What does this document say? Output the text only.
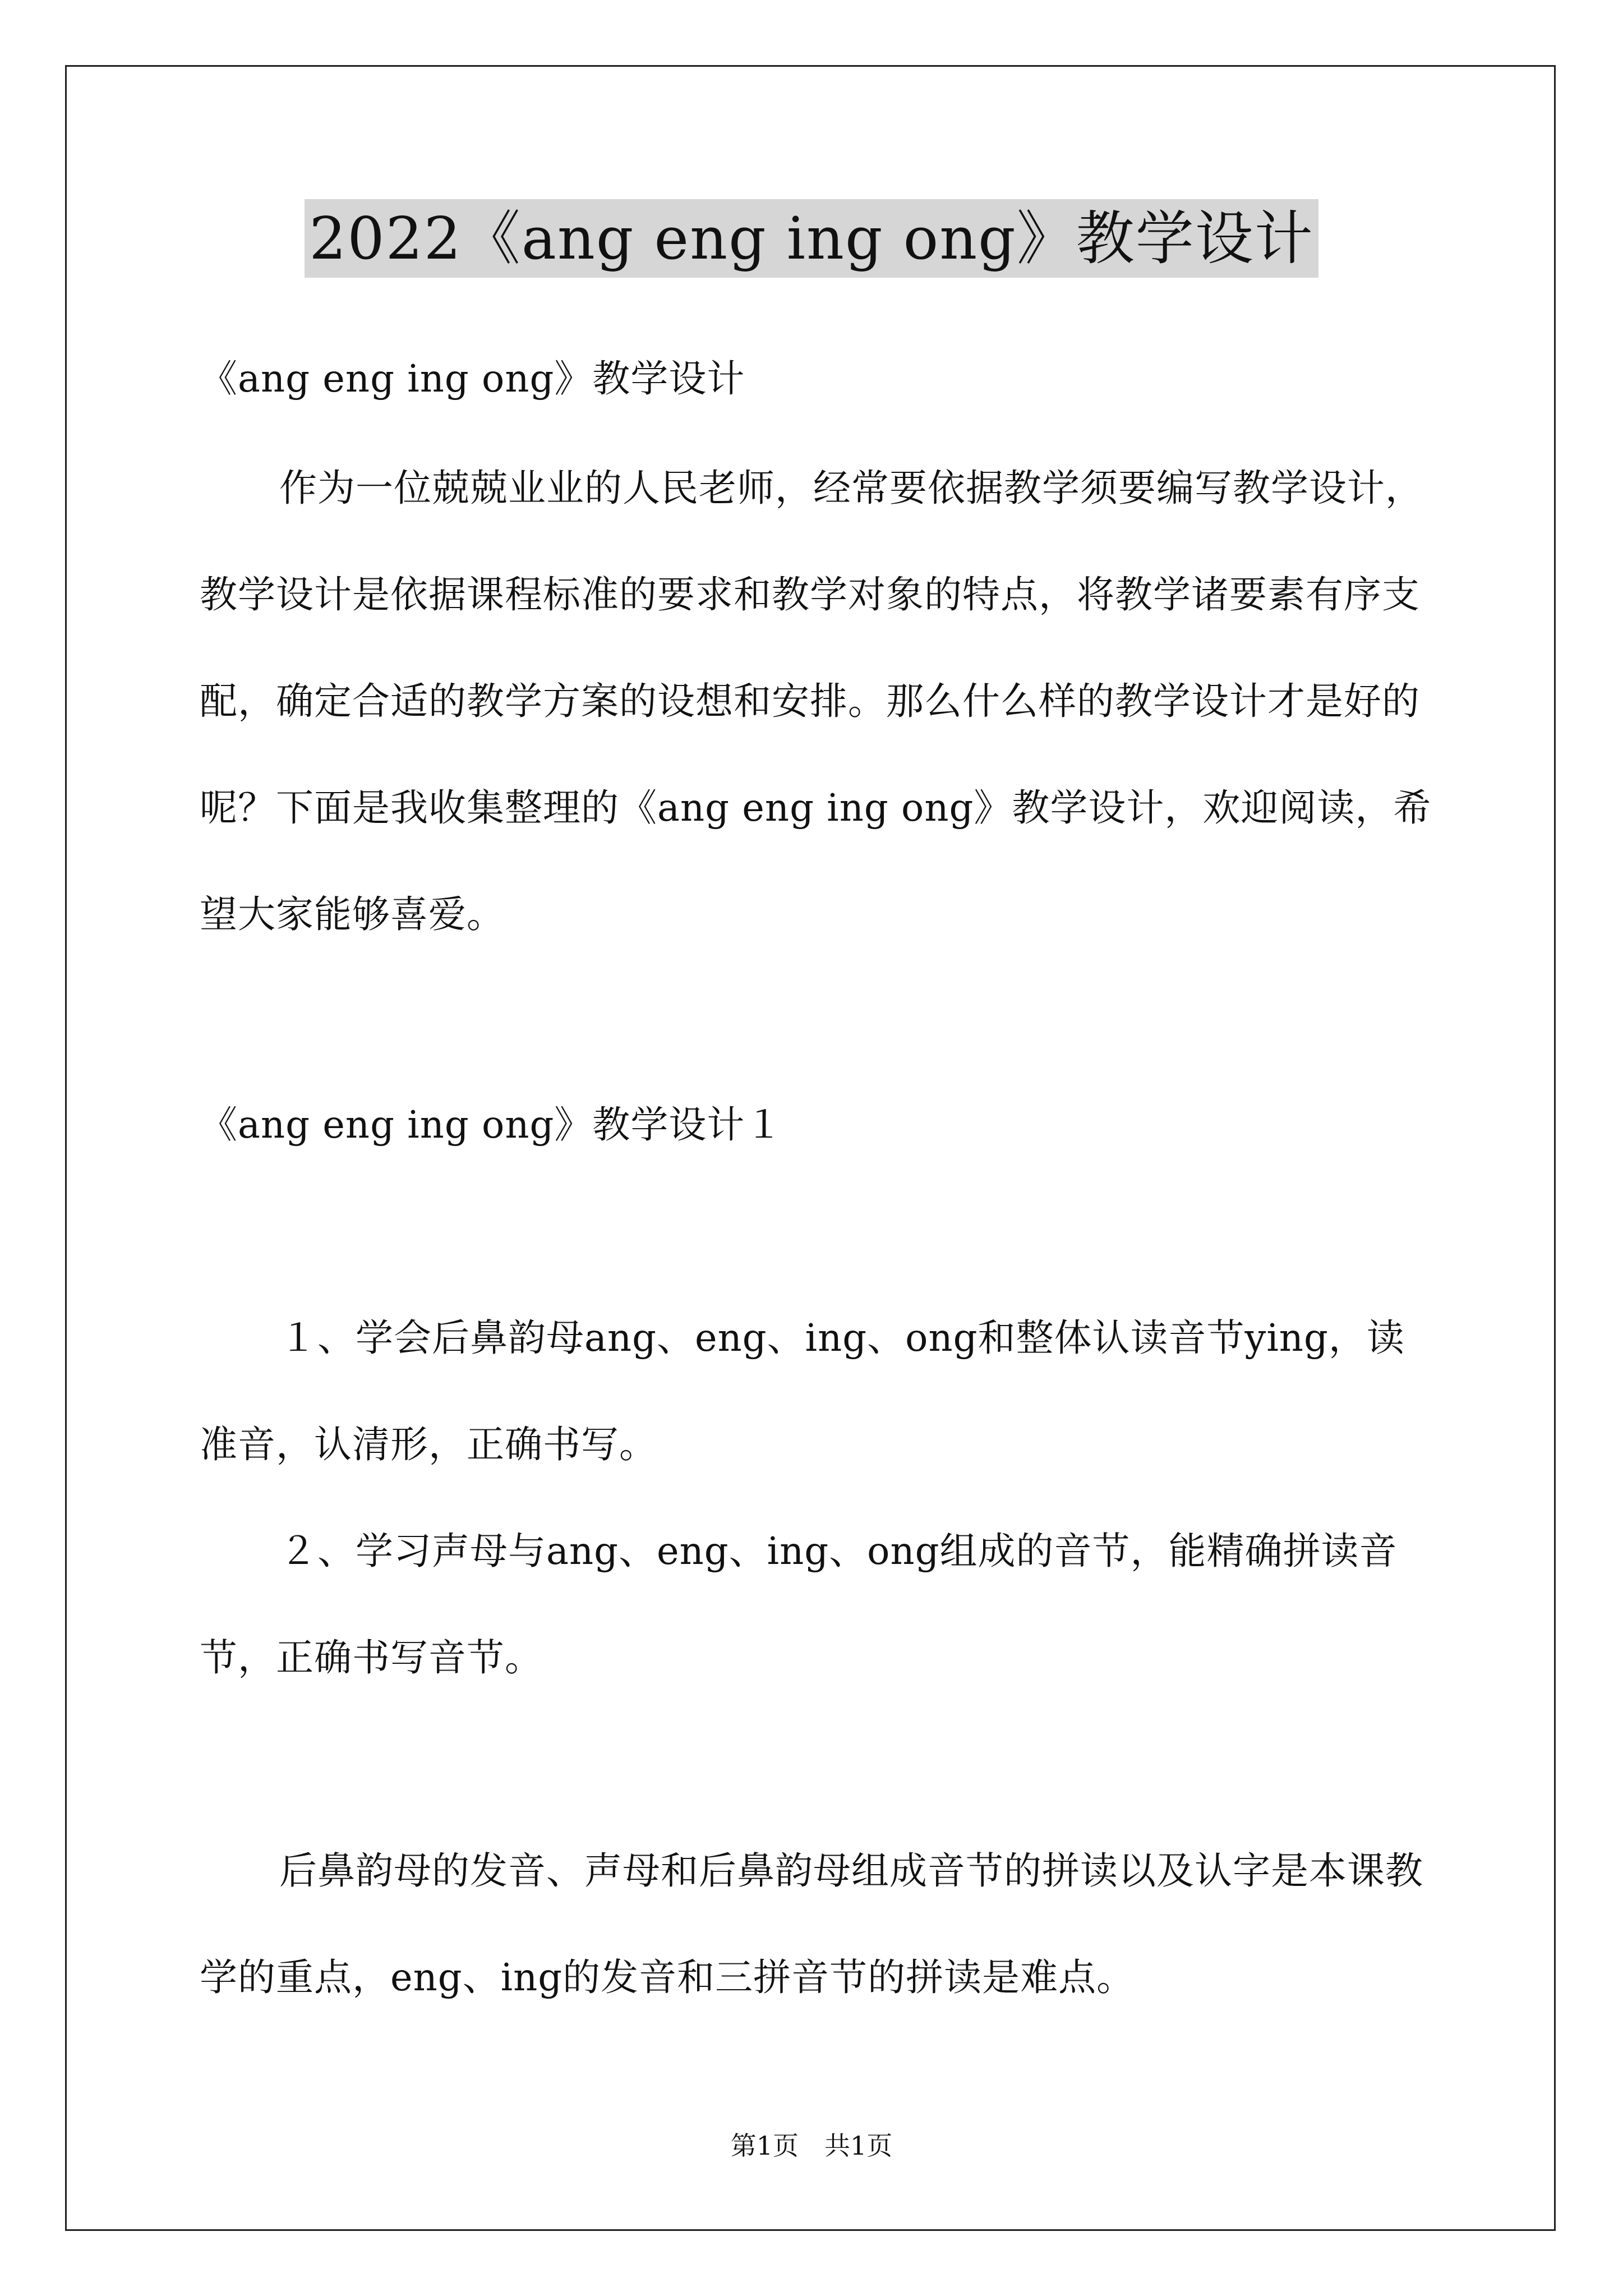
2022《ang eng ing ong》教学设计

《ang eng ing ong》教学设计

作为一位兢兢业业的人民老师，经常要依据教学须要编写教学设计，教学设计是依据课程标准的要求和教学对象的特点，将教学诸要素有序支配，确定合适的教学方案的设想和安排。那么什么样的教学设计才是好的呢？下面是我收集整理的《ang eng ing ong》教学设计，欢迎阅读，希望大家能够喜爱。

《ang eng ing ong》教学设计１

１、学会后鼻韵母ang、eng、ing、ong和整体认读音节ying，读准音，认清形，正确书写。

２、学习声母与ang、eng、ing、ong组成的音节，能精确拼读音节，正确书写音节。

后鼻韵母的发音、声母和后鼻韵母组成音节的拼读以及认字是本课教学的重点，eng、ing的发音和三拼音节的拼读是难点。

第1页　共1页
